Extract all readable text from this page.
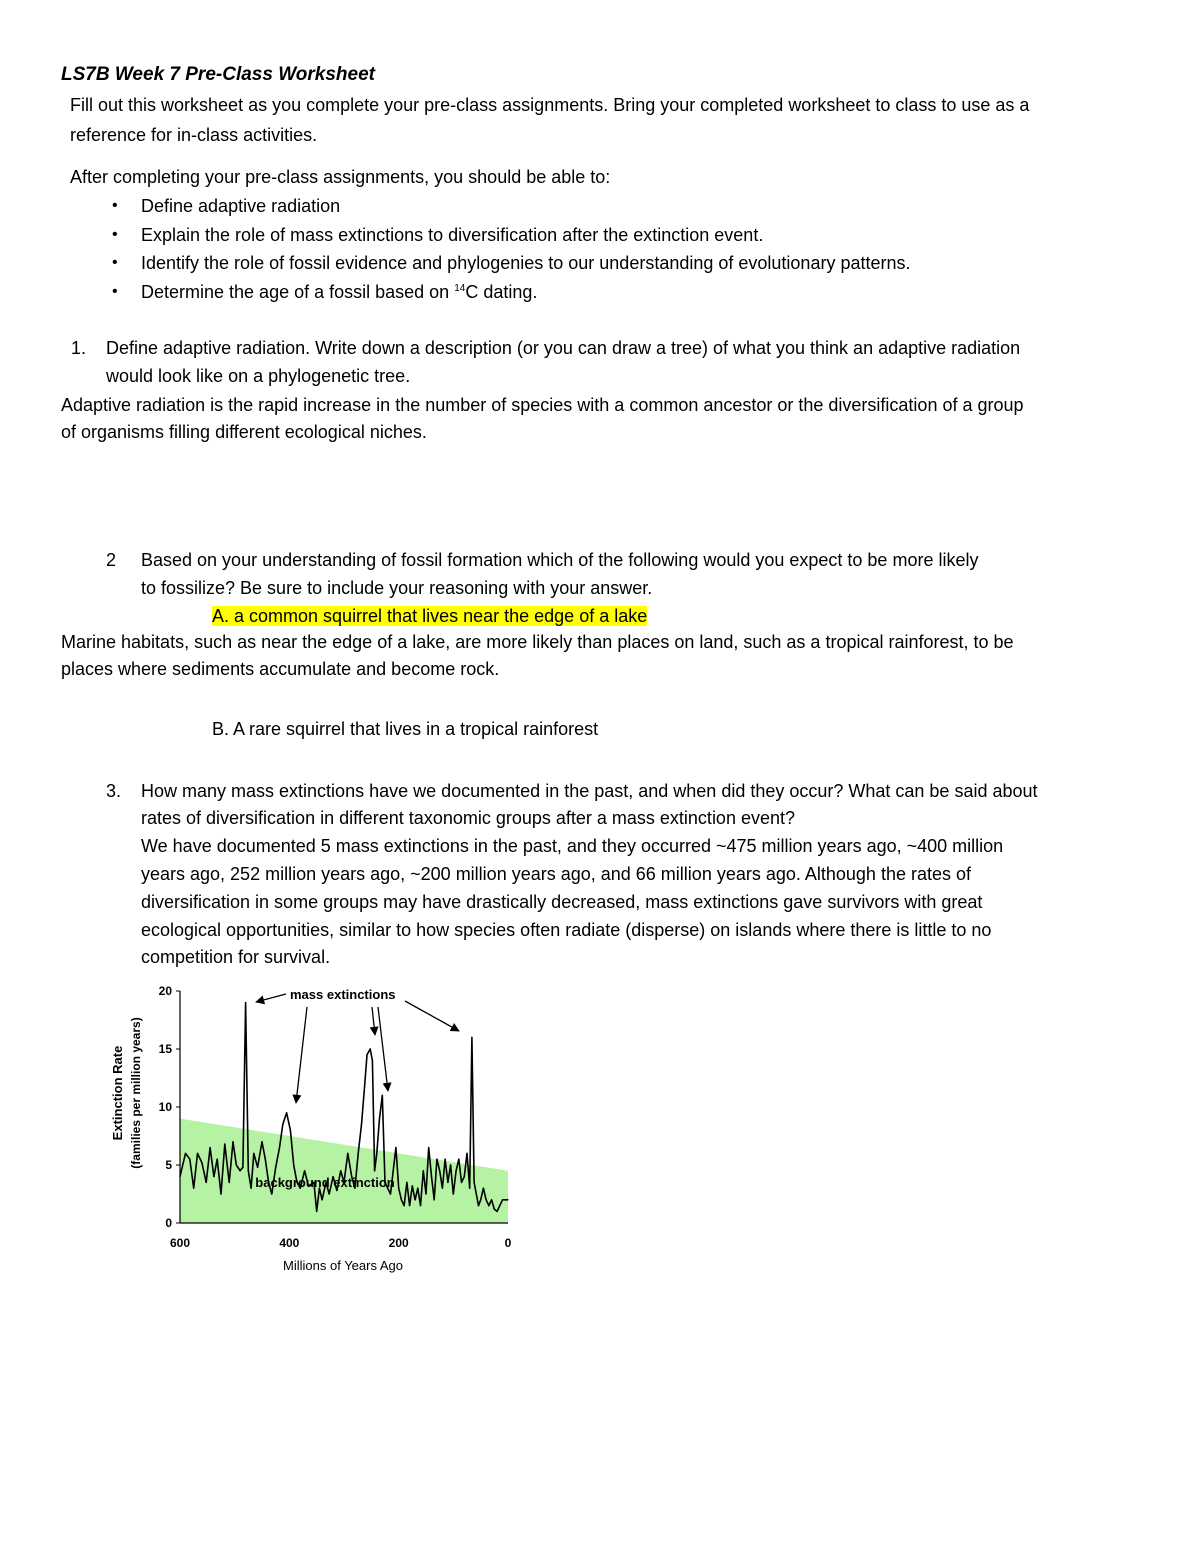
LS7B Week 7 Pre-Class Worksheet
Fill out this worksheet as you complete your pre-class assignments. Bring your completed worksheet to class to use as a
reference for in-class activities.
After completing your pre-class assignments, you should be able to:
• Define adaptive radiation
• Explain the role of mass extinctions to diversification after the extinction event.
• Identify the role of fossil evidence and phylogenies to our understanding of evolutionary patterns.
• Determine the age of a fossil based on $^{14}$C dating.
1. Define adaptive radiation. Write down a description (or you can draw a tree) of what you think an adaptive radiation
would look like on a phylogenetic tree.
Adaptive radiation is the rapid increase in the number of species with a common ancestor or the diversification of a group
of organisms filling different ecological niches.
2 Based on your understanding of fossil formation which of the following would you expect to be more likely
to fossilize? Be sure to include your reasoning with your answer.
A. a common squirrel that lives near the edge of a lake
Marine habitats, such as near the edge of a lake, are more likely than places on land, such as a tropical rainforest, to be
places where sediments accumulate and become rock.
B. A rare squirrel that lives in a tropical rainforest
3. How many mass extinctions have we documented in the past, and when did they occur? What can be said about
rates of diversification in different taxonomic groups after a mass extinction event?
We have documented 5 mass extinctions in the past, and they occurred ~475 million years ago, ~400 million
years ago, 252 million years ago, ~200 million years ago, and 66 million years ago. Although the rates of
diversification in some groups may have drastically decreased, mass extinctions gave survivors with great
ecological opportunities, similar to how species often radiate (disperse) on islands where there is little to no
competition for survival.
0
5
10
15
20
600	400	200	0
mass extinctions
background extinction
Extinction Rate (families per million years)
Millions of Years Ago
